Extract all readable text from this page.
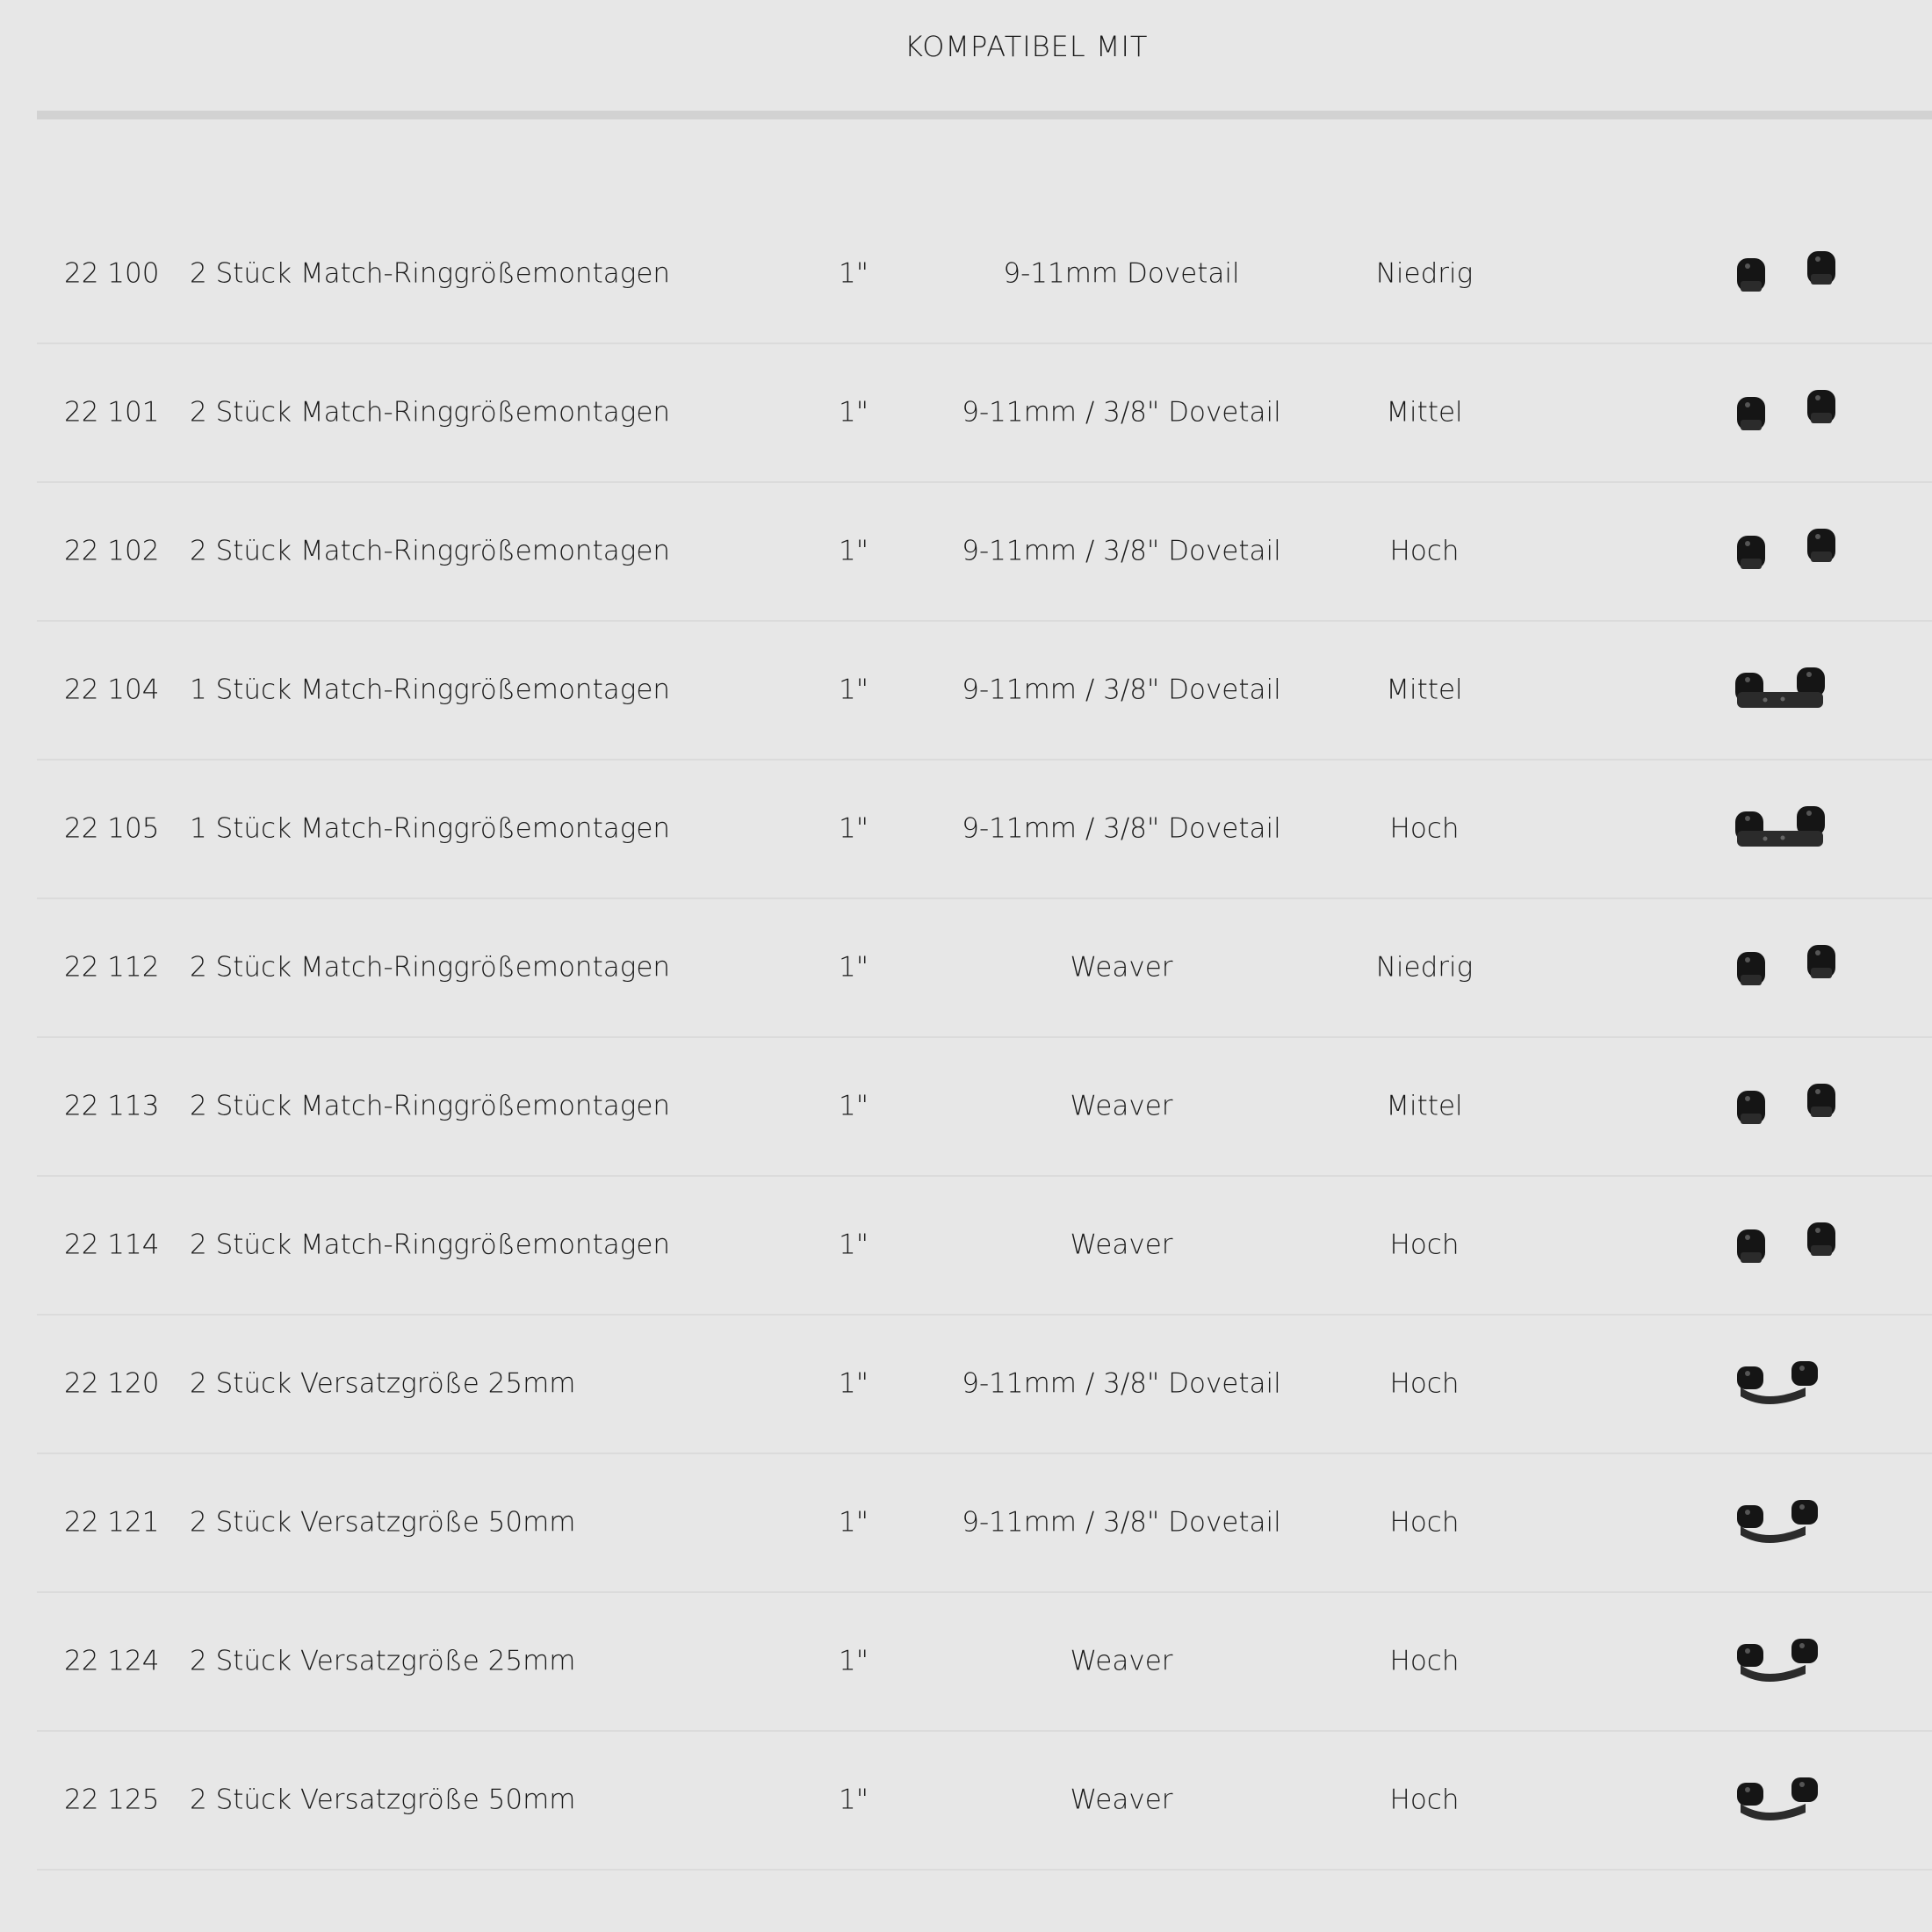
KOMPATIBEL MIT
22 100 2 Stück Match-Ringgrößemontagen	1"	9-11mm Dovetail	Niedrig
22 101 2 Stück Match-Ringgrößemontagen	1"	9-11mm / 3/8" Dovetail	Mittel
22 102 2 Stück Match-Ringgrößemontagen	1"	9-11mm / 3/8" Dovetail	Hoch
22 104 1 Stück Match-Ringgrößemontagen	1"	9-11mm / 3/8" Dovetail	Mittel
22 105 1 Stück Match-Ringgrößemontagen	1"	9-11mm / 3/8" Dovetail	Hoch
22 112 2 Stück Match-Ringgrößemontagen	1"	Weaver	Niedrig
22 113 2 Stück Match-Ringgrößemontagen	1"	Weaver	Mittel
22 114 2 Stück Match-Ringgrößemontagen	1"	Weaver	Hoch
22 120 2 Stück Versatzgröße 25mm	1"	9-11mm / 3/8" Dovetail	Hoch
22 121 2 Stück Versatzgröße 50mm	1"	9-11mm / 3/8" Dovetail	Hoch
22 124 2 Stück Versatzgröße 25mm	1"	Weaver	Hoch
22 125 2 Stück Versatzgröße 50mm	1"	Weaver	Hoch
